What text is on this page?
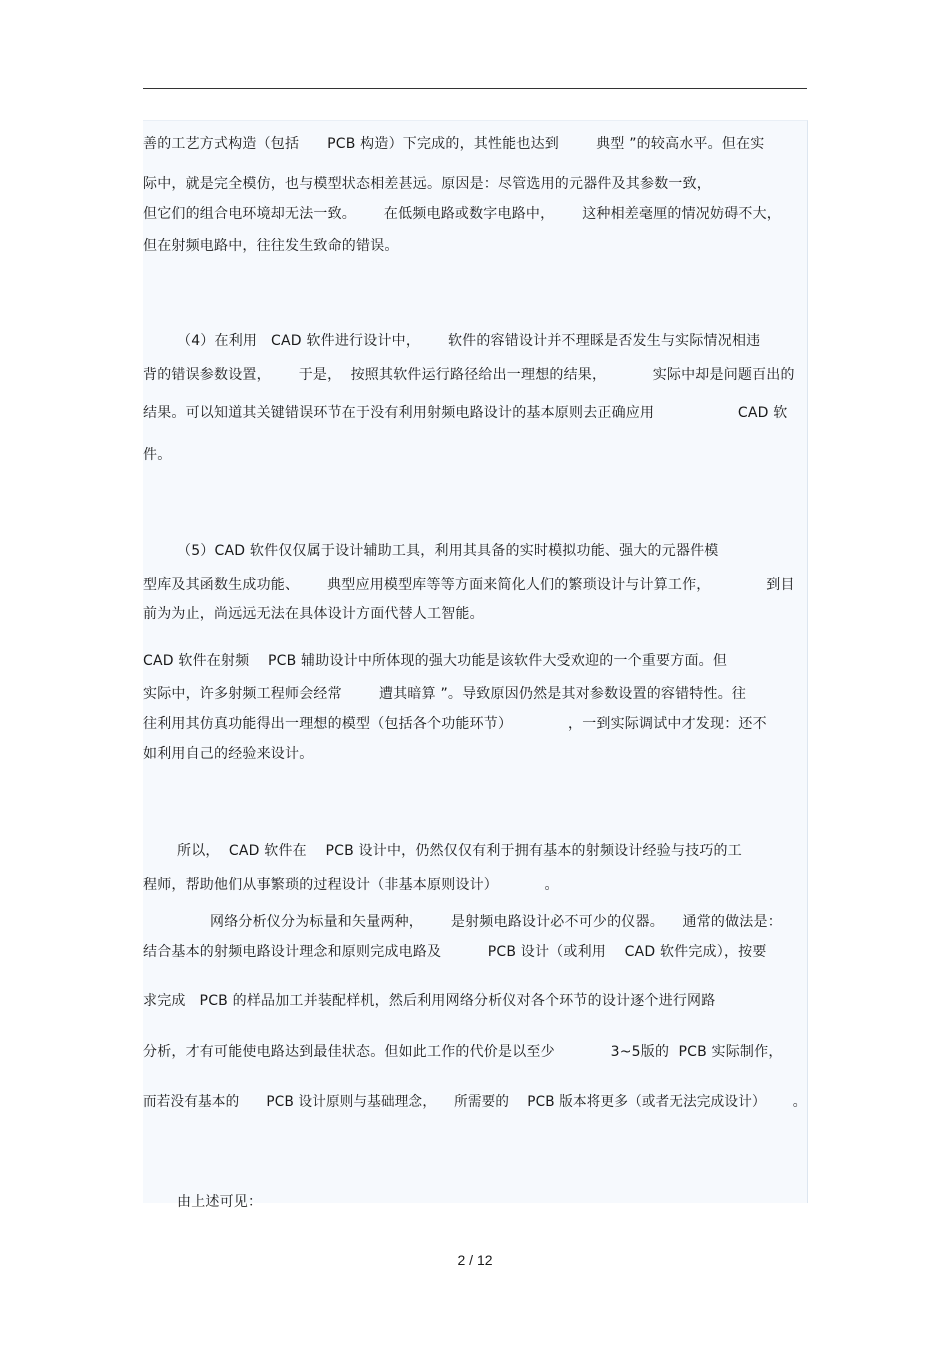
善的工艺方式构造（包括      PCB 构造）下完成的，其性能也达到        典型 ”的较高水平。但在实
际中，就是完全模仿，也与模型状态相差甚远。原因是：尽管选用的元器件及其参数一致，
但它们的组合电环境却无法一致。      在低频电路或数字电路中，      这种相差毫厘的情况妨碍不大，
但在射频电路中，往往发生致命的错误。
（4）在利用   CAD 软件进行设计中，      软件的容错设计并不理睬是否发生与实际情况相违
背的错误参数设置，      于是，  按照其软件运行路径给出一理想的结果，          实际中却是问题百出的
结果。可以知道其关键错误环节在于没有利用射频电路设计的基本原则去正确应用                  CAD 软
件。
（5）CAD 软件仅仅属于设计辅助工具，利用其具备的实时模拟功能、强大的元器件模
型库及其函数生成功能、      典型应用模型库等等方面来简化人们的繁琐设计与计算工作，            到目
前为为止，尚远远无法在具体设计方面代替人工智能。
CAD 软件在射频    PCB 辅助设计中所体现的强大功能是该软件大受欢迎的一个重要方面。但
实际中，许多射频工程师会经常        遭其暗算 ”。导致原因仍然是其对参数设置的容错特性。往
往利用其仿真功能得出一理想的模型（包括各个功能环节）            ，一到实际调试中才发现：还不
如利用自己的经验来设计。
所以，  CAD 软件在    PCB 设计中，仍然仅仅有利于拥有基本的射频设计经验与技巧的工
程师，帮助他们从事繁琐的过程设计（非基本原则设计）          。
网络分析仪分为标量和矢量两种，      是射频电路设计必不可少的仪器。    通常的做法是：
结合基本的射频电路设计理念和原则完成电路及          PCB 设计（或利用    CAD 软件完成），按要
求完成   PCB 的样品加工并装配样机，然后利用网络分析仪对各个环节的设计逐个进行网路
分析，才有可能使电路达到最佳状态。但如此工作的代价是以至少            3~5版的  PCB 实际制作，
而若没有基本的      PCB 设计原则与基础理念，    所需要的    PCB 版本将更多（或者无法完成设计）      。
由上述可见：
2 / 12
